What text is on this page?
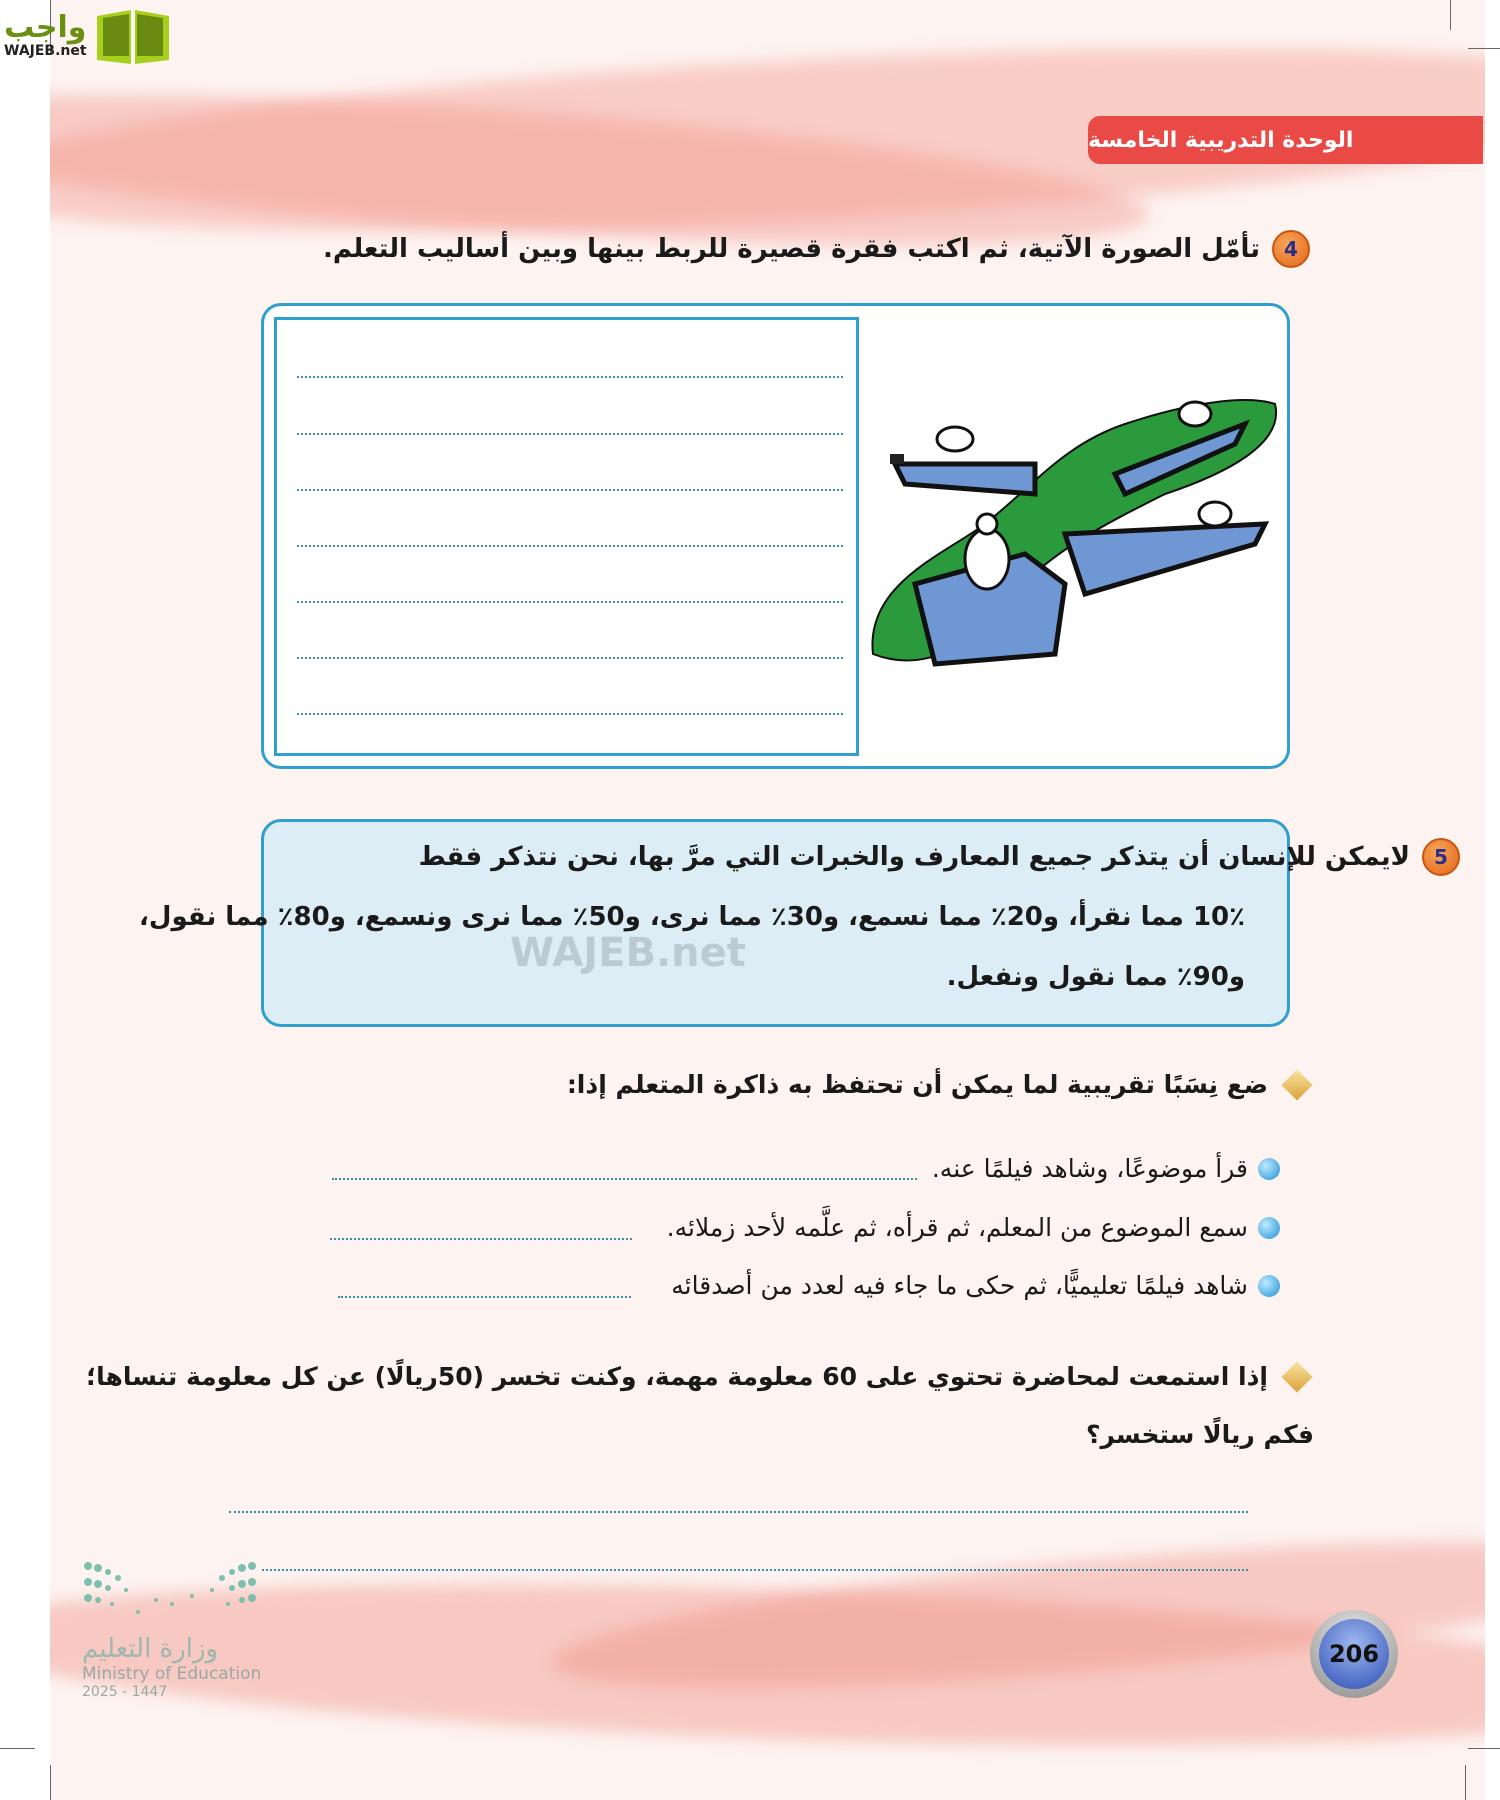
واجب
WAJEB.net
الوحدة التدريبية الخامسة
4
تأمّل الصورة الآتية، ثم اكتب فقرة قصيرة للربط بينها وبين أساليب التعلم.
WAJEB.net
5
لايمكن للإنسان أن يتذكر جميع المعارف والخبرات التي مرَّ بها، نحن نتذكر فقط
10٪ مما نقرأ، و20٪ مما نسمع، و30٪ مما نرى، و50٪ مما نرى ونسمع، و80٪ مما نقول،
و90٪ مما نقول ونفعل.
ضع نِسَبًا تقريبية لما يمكن أن تحتفظ به ذاكرة المتعلم إذا:
قرأ موضوعًا، وشاهد فيلمًا عنه.
سمع الموضوع من المعلم، ثم قرأه، ثم علَّمه لأحد زملائه.
شاهد فيلمًا تعليميًّا، ثم حكى ما جاء فيه لعدد من أصدقائه
إذا استمعت لمحاضرة تحتوي على 60 معلومة مهمة، وكنت تخسر (50ريالًا) عن كل معلومة تنساها؛
فكم ريالًا ستخسر؟
وزارة التعليم
Ministry of Education
2025 - 1447
206
